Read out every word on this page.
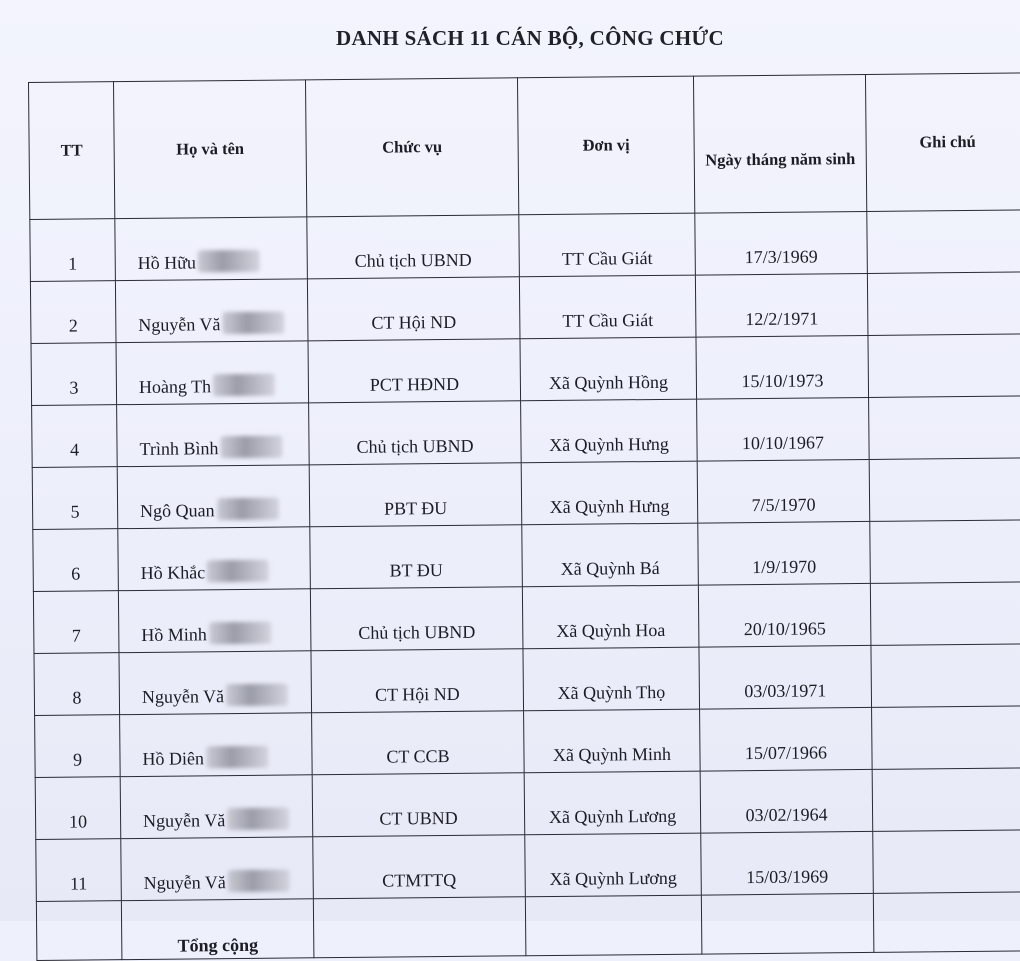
DANH SÁCH 11 CÁN BỘ, CÔNG CHỨC
TT	Họ và tên	Chức vụ	Đơn vị	Ngày tháng năm sinh	Ghi chú
1	Hồ Hữu	Chủ tịch UBND	TT Cầu Giát	17/3/1969	
2	Nguyễn Vă	CT Hội ND	TT Cầu Giát	12/2/1971	
3	Hoàng Th	PCT HĐND	Xã Quỳnh Hồng	15/10/1973	
4	Trình Bình	Chủ tịch UBND	Xã Quỳnh Hưng	10/10/1967	
5	Ngô Quan	PBT ĐU	Xã Quỳnh Hưng	7/5/1970	
6	Hồ Khắc	BT ĐU	Xã Quỳnh Bá	1/9/1970	
7	Hồ Minh	Chủ tịch UBND	Xã Quỳnh Hoa	20/10/1965	
8	Nguyễn Vă	CT Hội ND	Xã Quỳnh Thọ	03/03/1971	
9	Hồ Diên	CT CCB	Xã Quỳnh Minh	15/07/1966	
10	Nguyễn Vă	CT UBND	Xã Quỳnh Lương	03/02/1964	
11	Nguyễn Vă	CTMTTQ	Xã Quỳnh Lương	15/03/1969	
	Tổng cộng				
